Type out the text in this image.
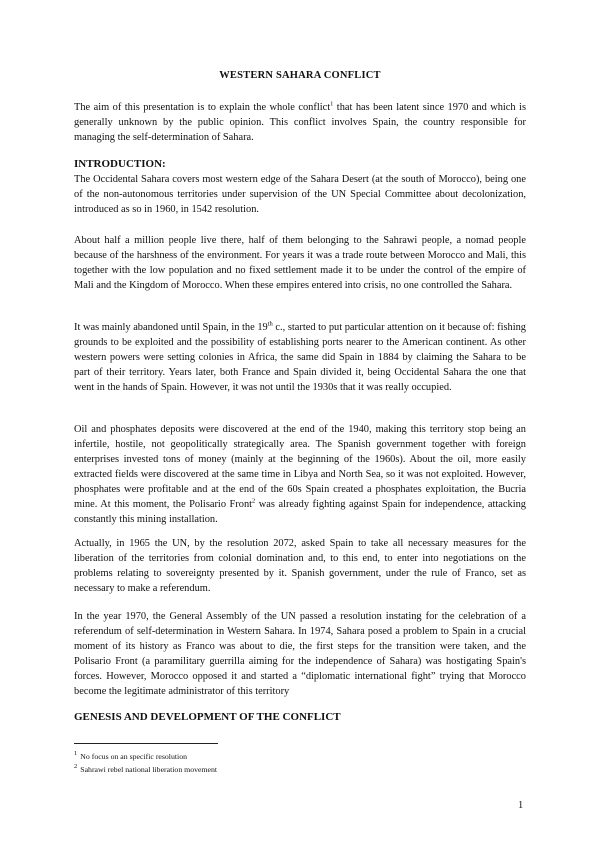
WESTERN SAHARA CONFLICT

The aim of this presentation is to explain the whole conflict$^1$ that has been latent since 1970 and which is generally unknown by the public opinion. This conflict involves Spain, the country responsible for managing the self-determination of Sahara.

INTRODUCTION:

The Occidental Sahara covers most western edge of the Sahara Desert (at the south of Morocco), being one of the non-autonomous territories under supervision of the UN Special Committee about decolonization, introduced as so in 1960, in 1542 resolution.

About half a million people live there, half of them belonging to the Sahrawi people, a nomad people because of the harshness of the environment. For years it was a trade route between Morocco and Mali, this together with the low population and no fixed settlement made it to be under the control of the empire of Mali and the Kingdom of Morocco. When these empires entered into crisis, no one controlled the Sahara.

It was mainly abandoned until Spain, in the 19th c., started to put particular attention on it because of: fishing grounds to be exploited and the possibility of establishing ports nearer to the American continent. As other western powers were setting colonies in Africa, the same did Spain in 1884 by claiming the Sahara to be part of their territory. Years later, both France and Spain divided it, being Occidental Sahara the one that went in the hands of Spain. However, it was not until the 1930s that it was really occupied.

Oil and phosphates deposits were discovered at the end of the 1940, making this territory stop being an infertile, hostile, not geopolitically strategically area. The Spanish government together with foreign enterprises invested tons of money (mainly at the beginning of the 1960s). About the oil, more easily extracted fields were discovered at the same time in Libya and North Sea, so it was not exploited. However, phosphates were profitable and at the end of the 60s Spain created a phosphates exploitation, the Bucria mine. At this moment, the Polisario Front$^2$ was already fighting against Spain for independence, attacking constantly this mining installation.

Actually, in 1965 the UN, by the resolution 2072, asked Spain to take all necessary measures for the liberation of the territories from colonial domination and, to this end, to enter into negotiations on the problems relating to sovereignty presented by it. Spanish government, under the rule of Franco, set as necessary to make a referendum.

In the year 1970, the General Assembly of the UN passed a resolution instating for the celebration of a referendum of self-determination in Western Sahara. In 1974, Sahara posed a problem to Spain in a crucial moment of its history as Franco was about to die, the first steps for the transition were taken, and the Polisario Front (a paramilitary guerrilla aiming for the independence of Sahara) was hostigating Spain's forces. However, Morocco opposed it and started a “diplomatic international fight” trying that Morocco become the legitimate administrator of this territory

GENESIS AND DEVELOPMENT OF THE CONFLICT

$^1$ No focus on an specific resolution
$^2$ Sahrawi rebel national liberation movement
1
